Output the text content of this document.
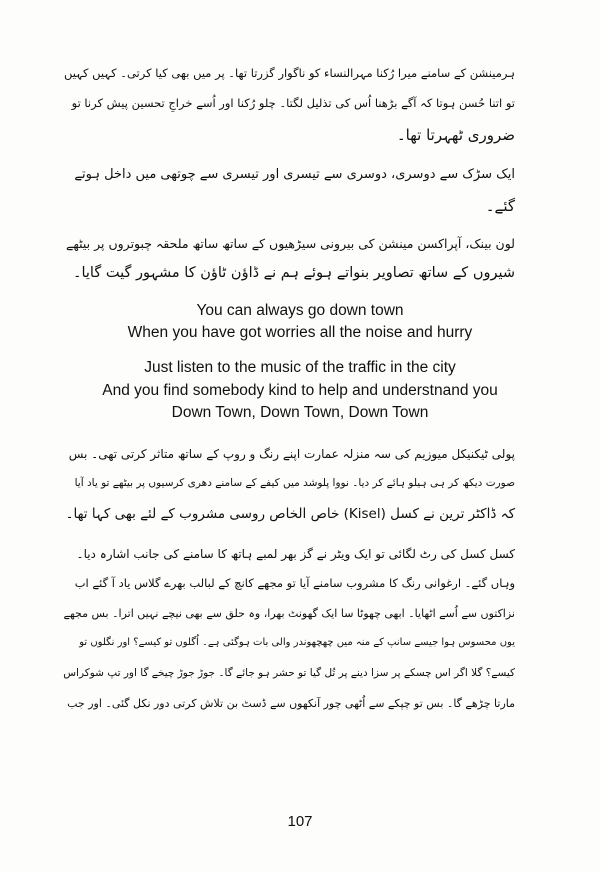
ہرمینشن کے سامنے میرا رُکنا مہرالنساء کو ناگوار گزرتا تھا۔ پر میں بھی کیا کرتی۔ کہیں کہیں
تو اتنا حُسن ہوتا کہ آگے بڑھنا اُس کی تذلیل لگتا۔ چلو رُکنا اور اُسے خراجِ تحسین پیش کرنا تو
ضروری ٹھہرتا تھا۔
ایک سڑک سے دوسری، دوسری سے تیسری اور تیسری سے چوتھی میں داخل ہوتے
گئے۔
لون بینک، آپراکسن مینشن کی بیرونی سیڑھیوں کے ساتھ ساتھ ملحقہ چبوتروں پر بیٹھے
شیروں کے ساتھ تصاویر بنواتے ہوئے ہم نے ڈاؤن ٹاؤن کا مشہور گیت گایا۔
You can always go down town
When you have got worries all the noise and hurry
Just listen to the music of the traffic in the city
And you find somebody kind to help and understnand you
Down Town, Down Town, Down Town
پولی ٹیکنیکل میوزیم کی سہ منزلہ عمارت اپنے رنگ و روپ کے ساتھ متاثر کرتی تھی۔ بس
صورت دیکھ کر ہی ہیلو ہائے کر دیا۔ نووا پلوشد میں کیفے کے سامنے دھری کرسیوں پر بیٹھے تو یاد آیا
کہ ڈاکٹر ترین نے کسل (Kisel) خاص الخاص روسی مشروب کے لئے بھی کہا تھا۔
کسل کسل کی رٹ لگائی تو ایک ویٹر نے گز بھر لمبے ہاتھ کا سامنے کی جانب اشارہ دیا۔
وہاں گئے۔ ارغوانی رنگ کا مشروب سامنے آیا تو مجھے کانچ کے لبالب بھرے گلاس یاد آ گئے اب
نزاکتوں سے اُسے اٹھایا۔ ابھی چھوٹا سا ایک گھونٹ بھرا، وہ حلق سے بھی نیچے نہیں اترا۔ بس مجھے
یوں محسوس ہوا جیسے سانپ کے منہ میں چھچھوندر والی بات ہوگئی ہے۔ اُگلوں تو کیسے؟ اور نگلوں تو
کیسے؟ گلا اگر اس چسکے پر سزا دینے پر تُل گیا تو حشر ہو جائے گا۔ جوڑ جوڑ چیخے گا اور تپ شوکراس
مارتا چڑھے گا۔ بس تو چپکے سے اُٹھی چور آنکھوں سے ڈسٹ بن تلاش کرتی دور نکل گئی۔ اور جب
107
